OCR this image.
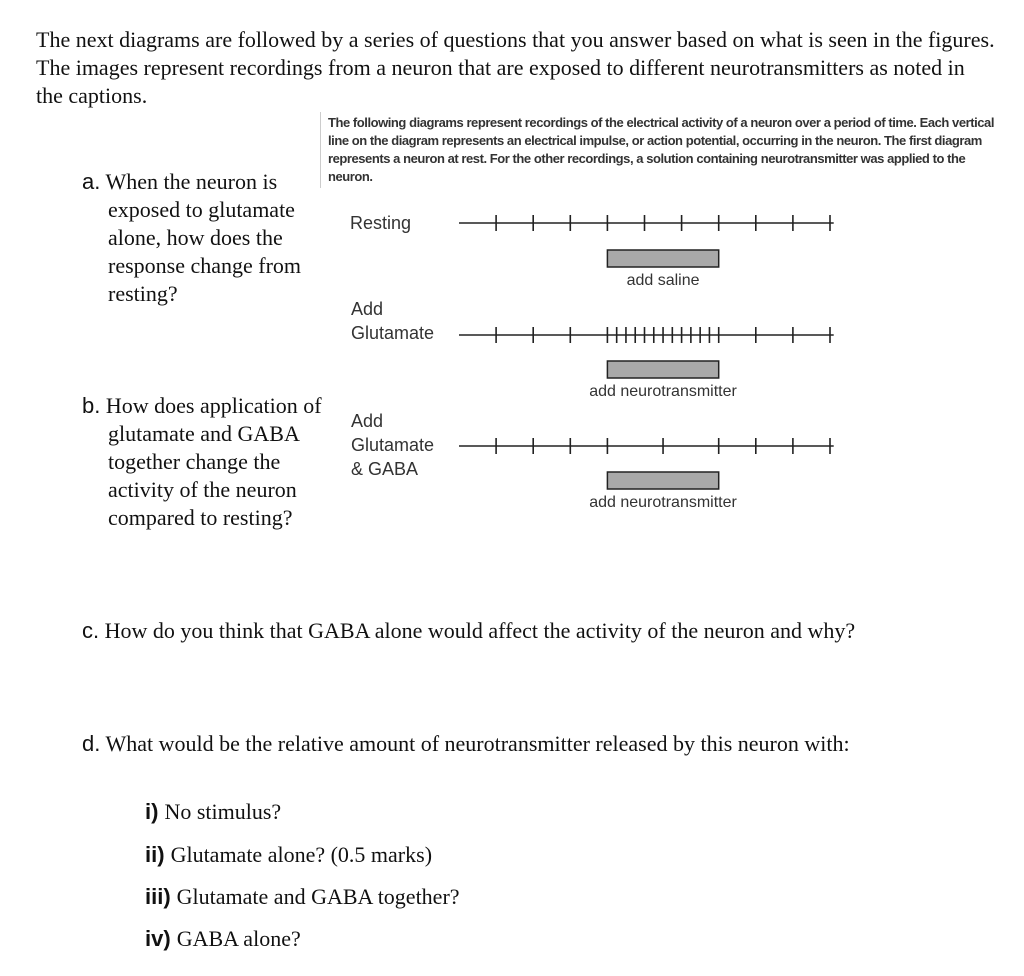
The next diagrams are followed by a series of questions that you answer based on what is seen in the figures. The images represent recordings from a neuron that are exposed to different neurotransmitters as noted in the captions.
The following diagrams represent recordings of the electrical activity of a neuron over a period of time. Each vertical line on the diagram represents an electrical impulse, or action potential, occurring in the neuron. The first diagram represents a neuron at rest. For the other recordings, a solution containing neurotransmitter was applied to the neuron.
a. When the neuron is exposed to glutamate alone, how does the response change from resting?
b. How does application of glutamate and GABA together change the activity of the neuron compared to resting?
c. How do you think that GABA alone would affect the activity of the neuron and why?
d. What would be the relative amount of neurotransmitter released by this neuron with:
i) No stimulus?
ii) Glutamate alone? (0.5 marks)
iii) Glutamate and GABA together?
iv) GABA alone?
Resting
Add
Glutamate
Add
Glutamate
& GABA
add saline
add neurotransmitter
add neurotransmitter
